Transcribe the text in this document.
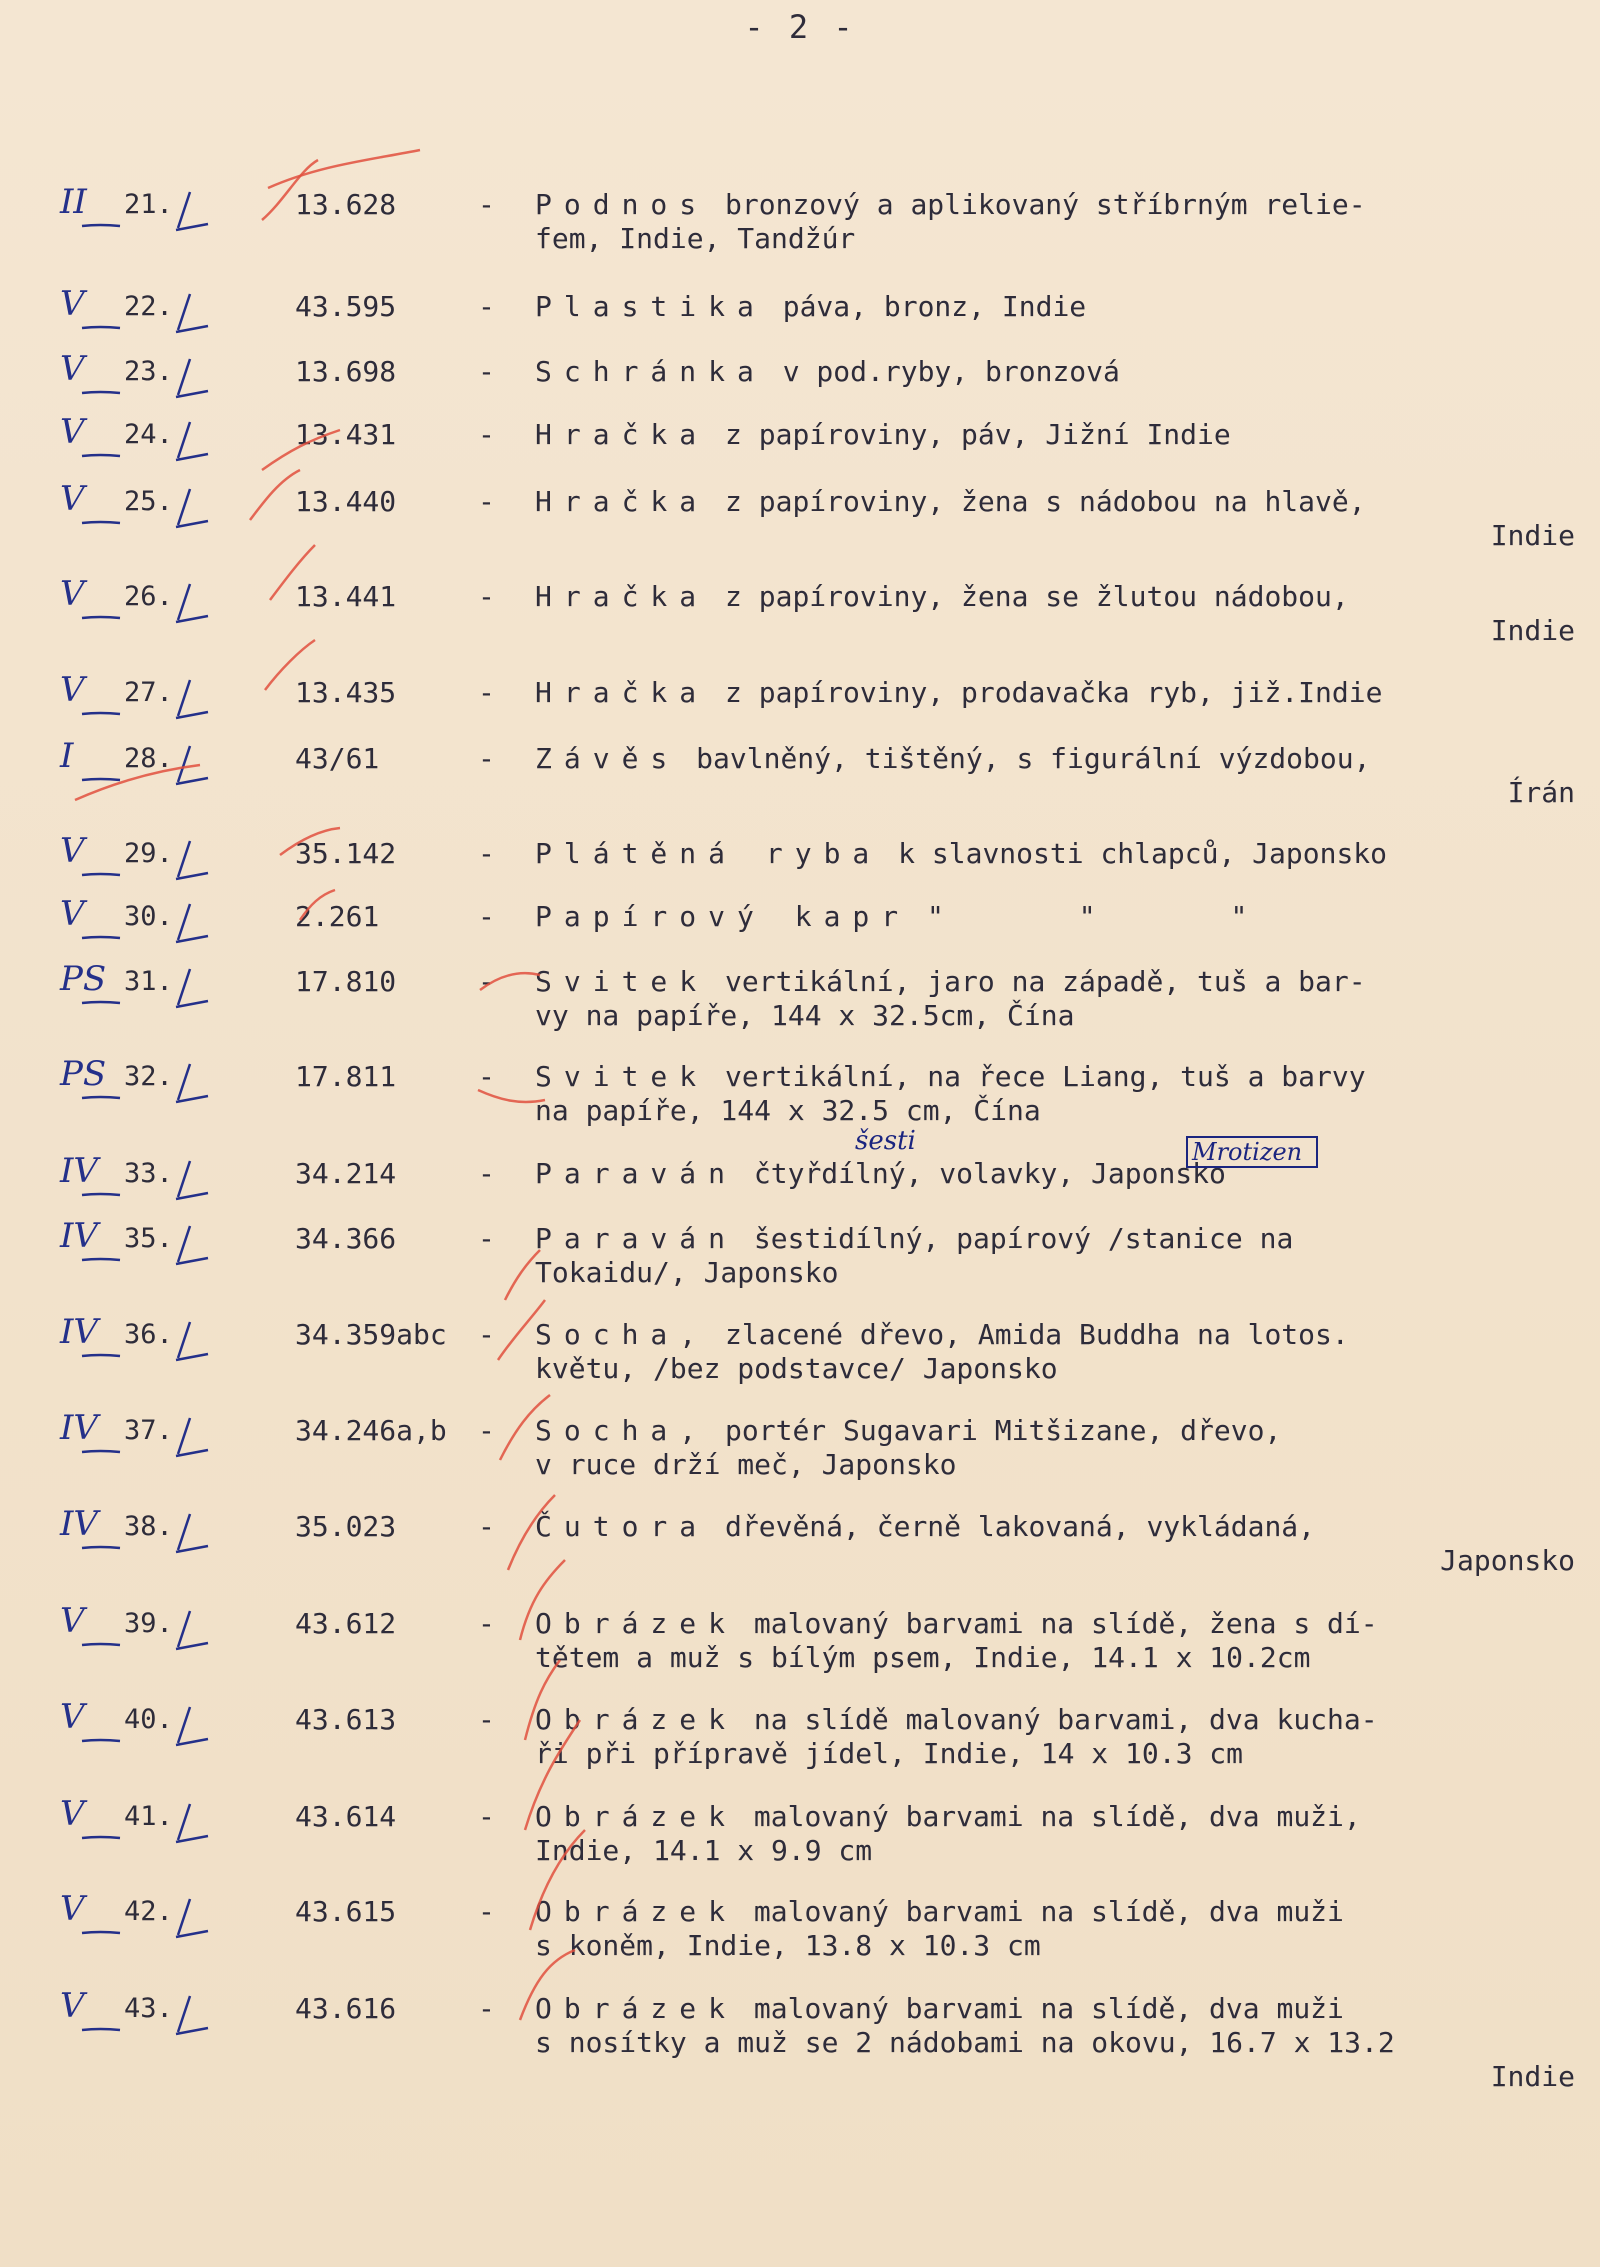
- 2 -
II 21.	13.628	- Podnos bronzový a aplikovaný stříbrným relie-
fem, Indie, Tandžúr
V 22.	43.595	- Plastika páva, bronz, Indie
V 23.	13.698	- Schránka v pod.ryby, bronzová
V 24.	13.431	- Hračka z papíroviny, páv, Jižní Indie
V 25.	13.440	- Hračka z papíroviny, žena s nádobou na hlavě,
Indie
V 26.	13.441	- Hračka z papíroviny, žena se žlutou nádobou,
Indie
V 27.	13.435	- Hračka z papíroviny, prodavačka ryb, již.Indie
I 28.	43/61	- Závěs bavlněný, tištěný, s figurální výzdobou,
Írán
V 29.	35.142	- Plátěná ryba k slavnosti chlapců, Japonsko
V 30.	2.261	- Papírový kapr "        "        "
PS 31.	17.810	- Svitek vertikální, jaro na západě, tuš a bar-
vy na papíře, 144 x 32.5cm, Čína
PS 32.	17.811	- Svitek vertikální, na řece Liang, tuš a barvy
na papíře, 144 x 32.5 cm, Čína
IV 33.	34.214	- Paraván čtyřdílný, volavky, Japonsko
IV 35.	34.366	- Paraván šestidílný, papírový /stanice na
Tokaidu/, Japonsko
IV 36.	34.359abc - Socha, zlacené dřevo, Amida Buddha na lotos.
květu, /bez podstavce/ Japonsko
IV 37.	34.246a,b - Socha, portér Sugavari Mitšizane, dřevo,
v ruce drží meč, Japonsko
IV 38.	35.023	- Čutora dřevěná, černě lakovaná, vykládaná,
Japonsko
V 39.	43.612	- Obrázek malovaný barvami na slídě, žena s dí-
tětem a muž s bílým psem, Indie, 14.1 x 10.2cm
V 40.	43.613	- Obrázek na slídě malovaný barvami, dva kucha-
ři při přípravě jídel, Indie, 14 x 10.3 cm
V 41.	43.614	- Obrázek malovaný barvami na slídě, dva muži,
Indie, 14.1 x 9.9 cm
V 42.	43.615	- Obrázek malovaný barvami na slídě, dva muži
s koněm, Indie, 13.8 x 10.3 cm
V 43.	43.616	- Obrázek malovaný barvami na slídě, dva muži
s nosítky a muž se 2 nádobami na okovu, 16.7 x 13.2
Indie
šesti	Mrotizen
